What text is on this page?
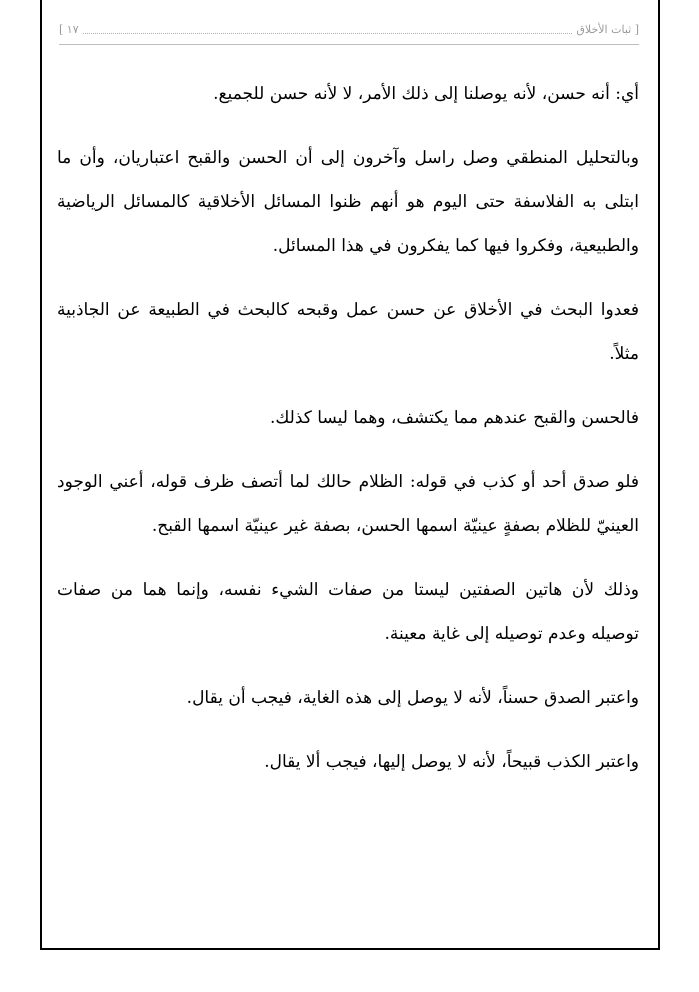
[ ثبات الأخلاق
١٧ ]

أي: أنه حسن، لأنه يوصلنا إلى ذلك الأمر، لا لأنه حسن للجميع.

وبالتحليل المنطقي وصل راسل وآخرون إلى أن الحسن والقبح اعتباريان، وأن ما ابتلى به الفلاسفة حتى اليوم هو أنهم ظنوا المسائل الأخلاقية كالمسائل الرياضية والطبيعية، وفكروا فيها كما يفكرون في هذا المسائل.

فعدوا البحث في الأخلاق عن حسن عمل وقبحه كالبحث في الطبيعة عن الجاذبية مثلاً.

فالحسن والقبح عندهم مما يكتشف، وهما ليسا كذلك.

فلو صدق أحد أو كذب في قوله: الظلام حالك لما أتصف ظرف قوله، أعني الوجود العينيّ للظلام بصفةٍ عينيّة اسمها الحسن، بصفة غير عينيّة اسمها القبح.

وذلك لأن هاتين الصفتين ليستا من صفات الشيء نفسه، وإنما هما من صفات توصيله وعدم توصيله إلى غاية معينة.

واعتبر الصدق حسناً، لأنه لا يوصل إلى هذه الغاية، فيجب أن يقال.

واعتبر الكذب قبيحاً، لأنه لا يوصل إليها، فيجب ألا يقال.
